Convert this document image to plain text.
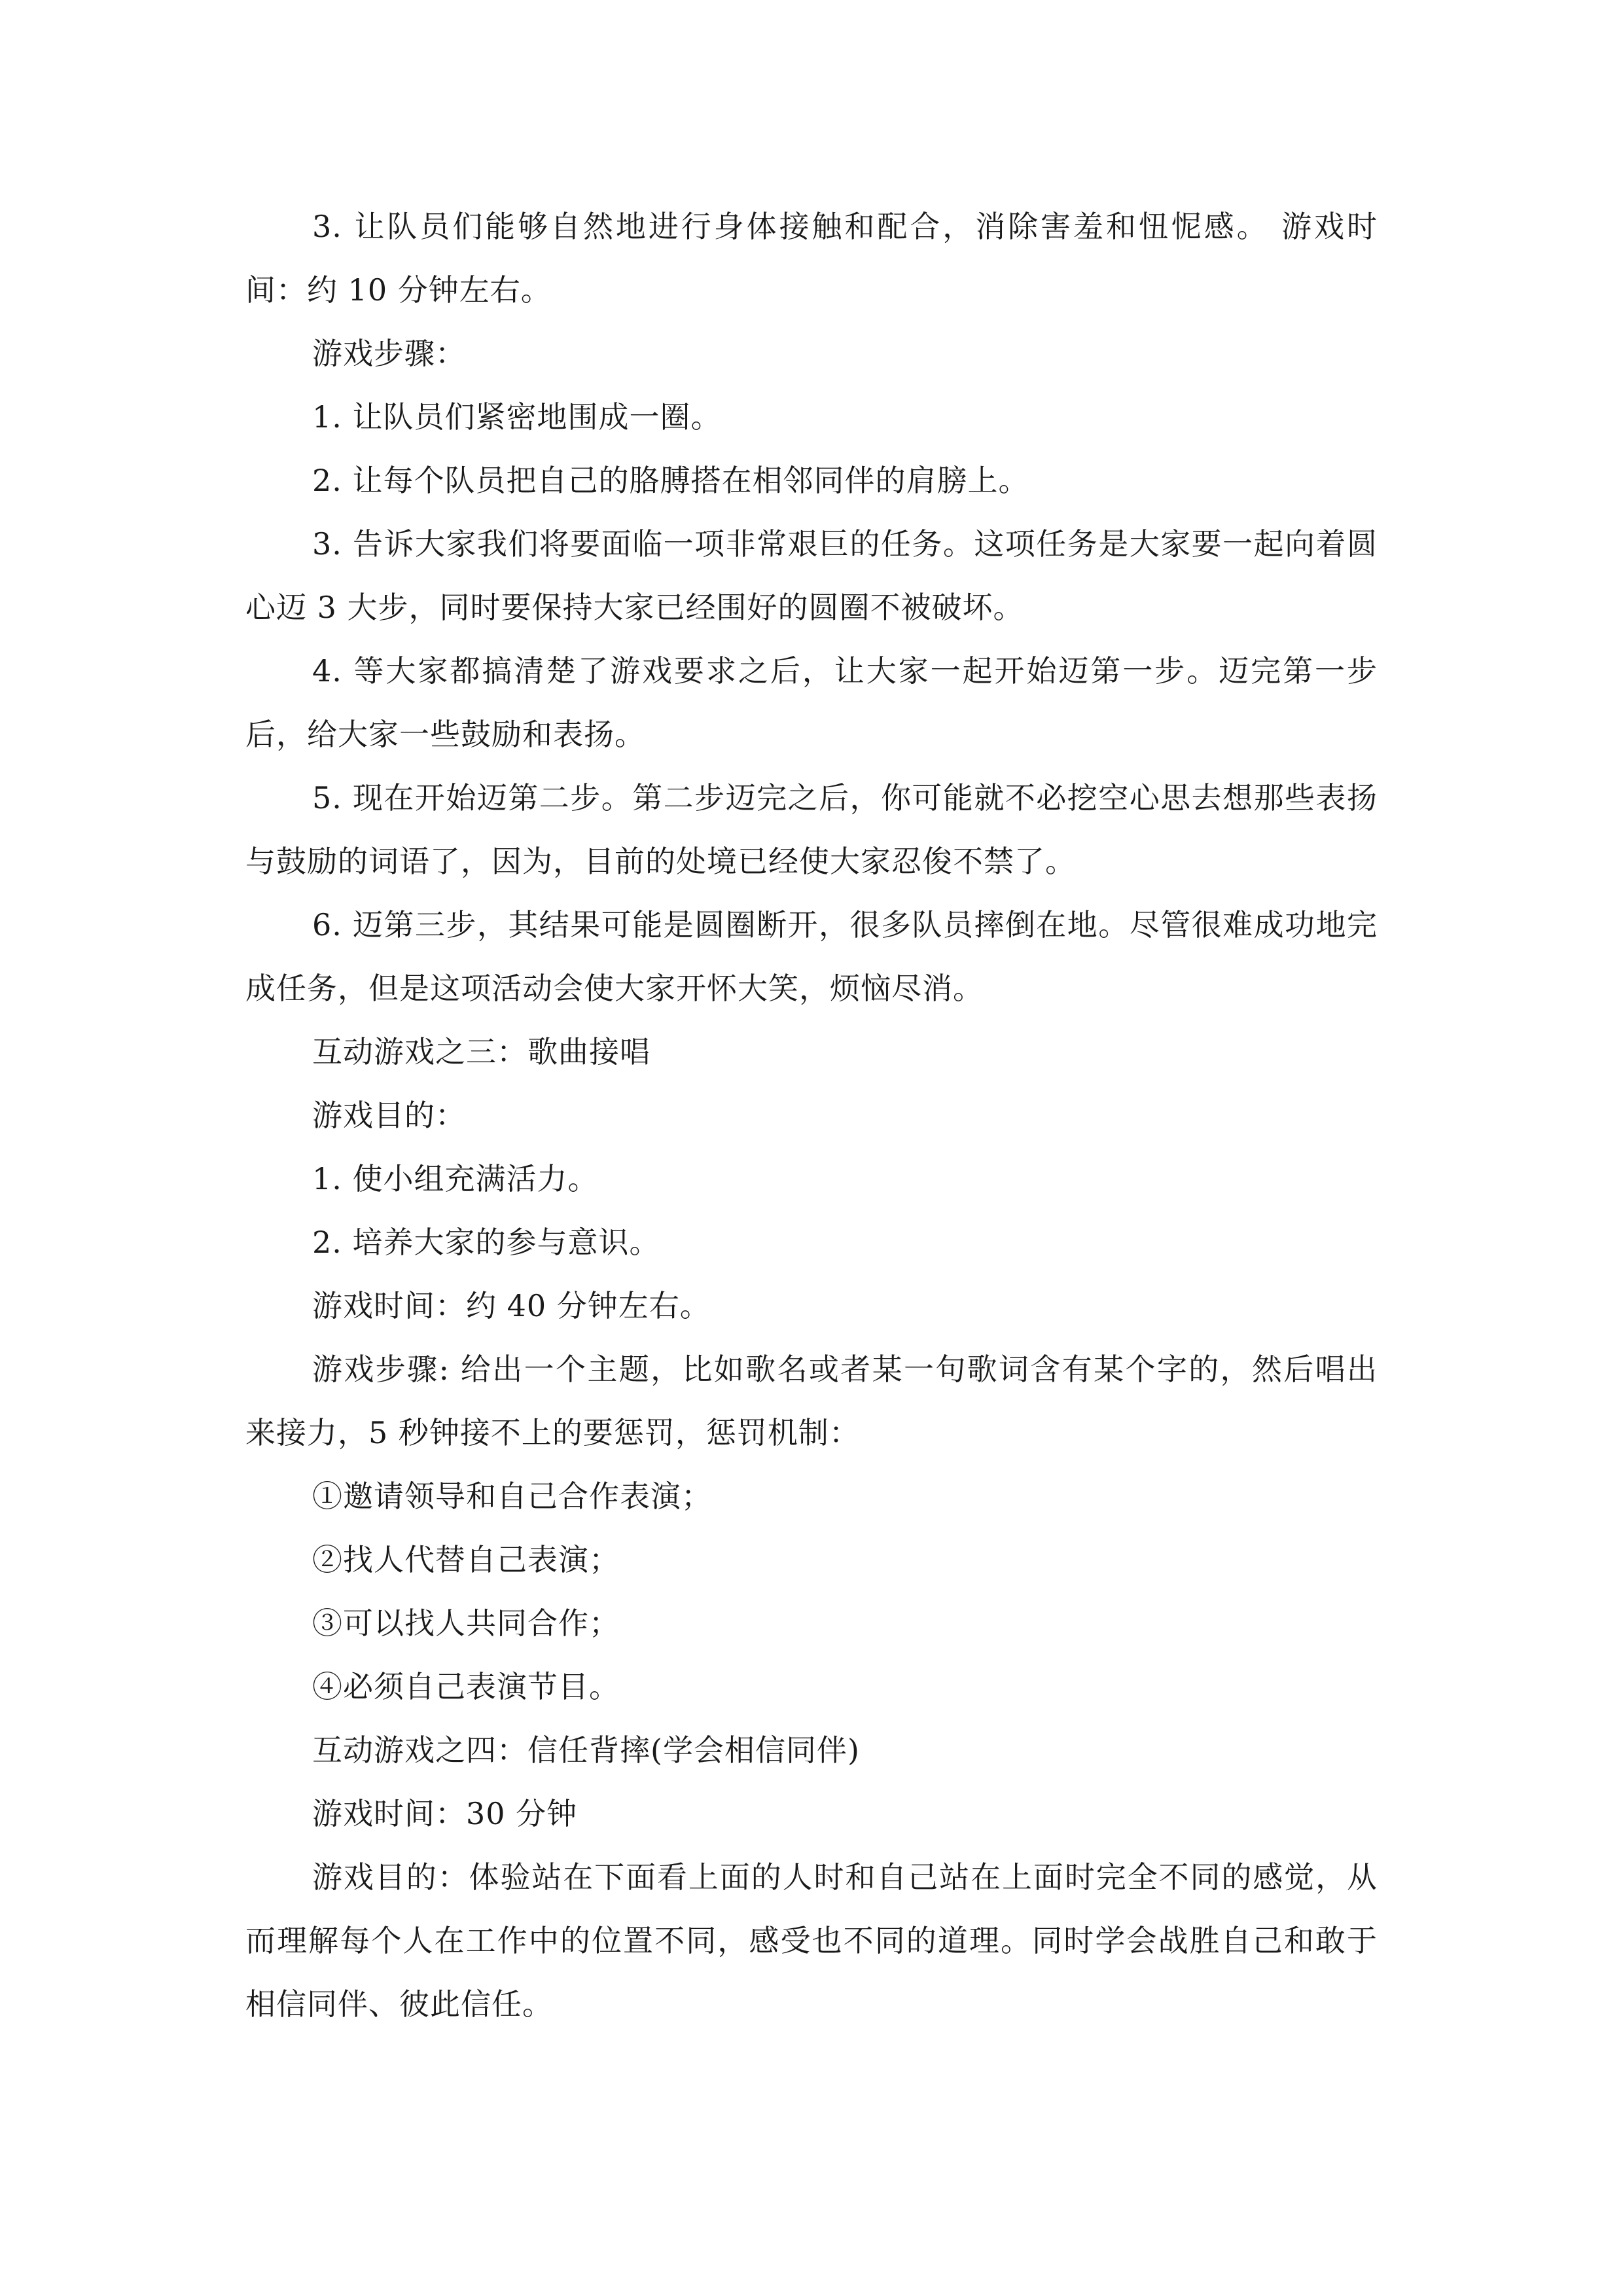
3. 让队员们能够自然地进行身体接触和配合，消除害羞和忸怩感。 游戏时间：约 10 分钟左右。

游戏步骤：

1. 让队员们紧密地围成一圈。

2. 让每个队员把自己的胳膊搭在相邻同伴的肩膀上。

3. 告诉大家我们将要面临一项非常艰巨的任务。这项任务是大家要一起向着圆心迈 3 大步，同时要保持大家已经围好的圆圈不被破坏。

4. 等大家都搞清楚了游戏要求之后，让大家一起开始迈第一步。迈完第一步后，给大家一些鼓励和表扬。

5. 现在开始迈第二步。第二步迈完之后，你可能就不必挖空心思去想那些表扬与鼓励的词语了，因为，目前的处境已经使大家忍俊不禁了。

6. 迈第三步，其结果可能是圆圈断开，很多队员摔倒在地。尽管很难成功地完成任务，但是这项活动会使大家开怀大笑，烦恼尽消。

互动游戏之三：歌曲接唱

游戏目的：

1. 使小组充满活力。

2. 培养大家的参与意识。

游戏时间：约 40 分钟左右。

游戏步骤: 给出一个主题，比如歌名或者某一句歌词含有某个字的，然后唱出来接力，5 秒钟接不上的要惩罚，惩罚机制：

①邀请领导和自己合作表演；

②找人代替自己表演；

③可以找人共同合作；

④必须自己表演节目。

互动游戏之四：信任背摔(学会相信同伴)

游戏时间：30 分钟

游戏目的：体验站在下面看上面的人时和自己站在上面时完全不同的感觉，从而理解每个人在工作中的位置不同，感受也不同的道理。同时学会战胜自己和敢于相信同伴、彼此信任。
